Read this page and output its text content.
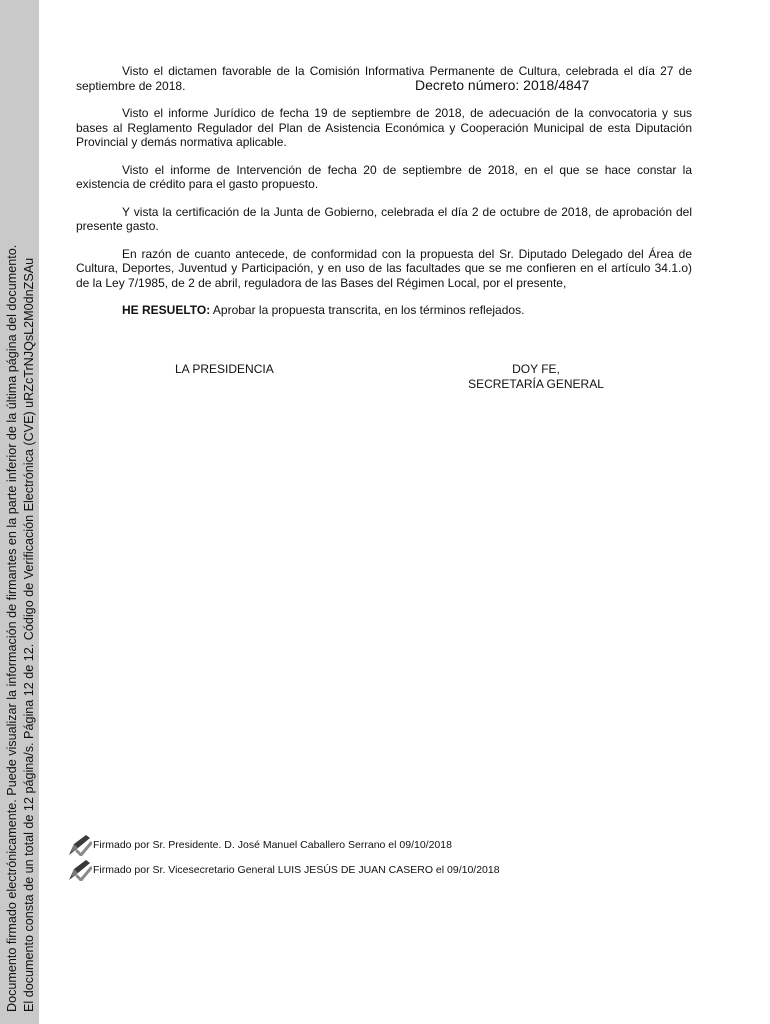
Documento firmado electrónicamente. Puede visualizar la información de firmantes en la parte inferior de la última página del documento. El documento consta de un total de 12 página/s. Página 12 de 12. Código de Verificación Electrónica (CVE) uRZcTrNJQsL2M0dnZSAu

Visto el dictamen favorable de la Comisión Informativa Permanente de Cultura, celebrada el día 27 de septiembre de 2018.	Decreto número: 2018/4847

Visto el informe Jurídico de fecha 19 de septiembre de 2018, de adecuación de la convocatoria y sus bases al Reglamento Regulador del Plan de Asistencia Económica y Cooperación Municipal de esta Diputación Provincial y demás normativa aplicable.

Visto el informe de Intervención de fecha 20 de septiembre de 2018, en el que se hace constar la existencia de crédito para el gasto propuesto.

Y vista la certificación de la Junta de Gobierno, celebrada el día 2 de octubre de 2018, de aprobación del presente gasto.

En razón de cuanto antecede, de conformidad con la propuesta del Sr. Diputado Delegado del Área de Cultura, Deportes, Juventud y Participación, y en uso de las facultades que se me confieren en el artículo 34.1.o) de la Ley 7/1985, de 2 de abril, reguladora de las Bases del Régimen Local, por el presente,

HE RESUELTO: Aprobar la propuesta transcrita, en los términos reflejados.

LA PRESIDENCIA	DOY FE,
SECRETARÍA GENERAL
Firmado por Sr. Presidente. D. José Manuel Caballero Serrano el 09/10/2018
Firmado por Sr. Vicesecretario General LUIS JESÚS DE JUAN CASERO el 09/10/2018
